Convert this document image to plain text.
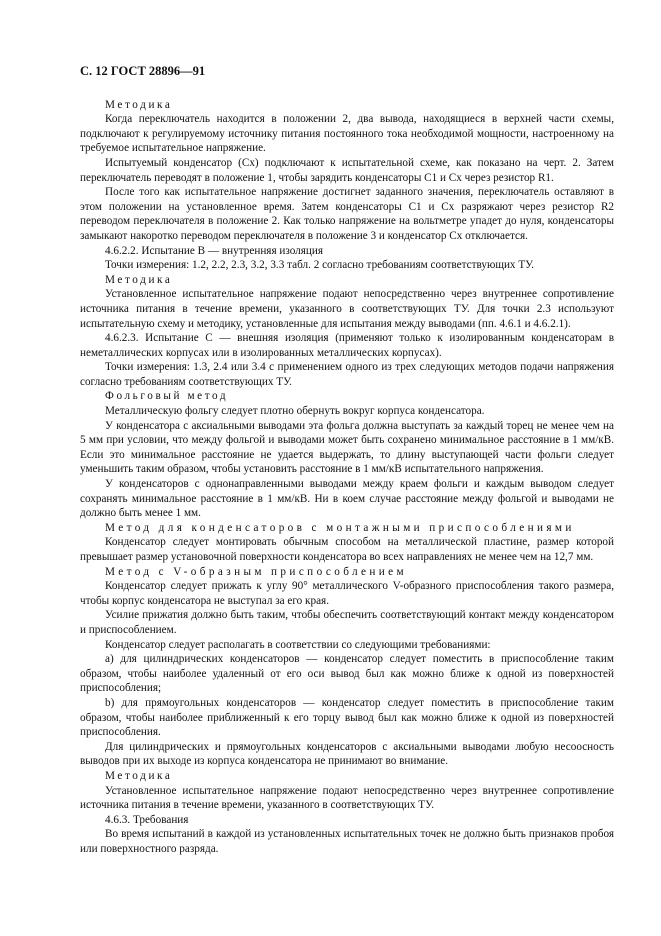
С. 12 ГОСТ 28896—91

Методика

Когда переключатель находится в положении 2, два вывода, находящиеся в верхней части схемы, подключают к регулируемому источнику питания постоянного тока необходимой мощности, настроенному на требуемое испытательное напряжение.

Испытуемый конденсатор (Cx) подключают к испытательной схеме, как показано на черт. 2. Затем переключатель переводят в положение 1, чтобы зарядить конденсаторы C1 и Cx через резистор R1.

После того как испытательное напряжение достигнет заданного значения, переключатель оставляют в этом положении на установленное время. Затем конденсаторы C1 и Cx разряжают через резистор R2 переводом переключателя в положение 2. Как только напряжение на вольтметре упадет до нуля, конденсаторы замыкают накоротко переводом переключателя в положение 3 и конденсатор Cx отключается.

4.6.2.2. Испытание В — внутренняя изоляция

Точки измерения: 1.2, 2.2, 2.3, 3.2, 3.3 табл. 2 согласно требованиям соответствующих ТУ.

Методика

Установленное испытательное напряжение подают непосредственно через внутреннее сопротивление источника питания в течение времени, указанного в соответствующих ТУ. Для точки 2.3 используют испытательную схему и методику, установленные для испытания между выводами (пп. 4.6.1 и 4.6.2.1).

4.6.2.3. Испытание С — внешняя изоляция (применяют только к изолированным конденсаторам в неметаллических корпусах или в изолированных металлических корпусах).

Точки измерения: 1.3, 2.4 или 3.4 с применением одного из трех следующих методов подачи напряжения согласно требованиям соответствующих ТУ.

Фольговый метод

Металлическую фольгу следует плотно обернуть вокруг корпуса конденсатора.

У конденсатора с аксиальными выводами эта фольга должна выступать за каждый торец не менее чем на 5 мм при условии, что между фольгой и выводами может быть сохранено минимальное расстояние в 1 мм/кВ. Если это минимальное расстояние не удается выдержать, то длину выступающей части фольги следует уменьшить таким образом, чтобы установить расстояние в 1 мм/кВ испытательного напряжения.

У конденсаторов с однонаправленными выводами между краем фольги и каждым выводом следует сохранять минимальное расстояние в 1 мм/кВ. Ни в коем случае расстояние между фольгой и выводами не должно быть менее 1 мм.

Метод для конденсаторов с монтажными приспособлениями

Конденсатор следует монтировать обычным способом на металлической пластине, размер которой превышает размер установочной поверхности конденсатора во всех направлениях не менее чем на 12,7 мм.

Метод с V-образным приспособлением

Конденсатор следует прижать к углу 90° металлического V-образного приспособления такого размера, чтобы корпус конденсатора не выступал за его края.

Усилие прижатия должно быть таким, чтобы обеспечить соответствующий контакт между конденсатором и приспособлением.

Конденсатор следует располагать в соответствии со следующими требованиями:

а) для цилиндрических конденсаторов — конденсатор следует поместить в приспособление таким образом, чтобы наиболее удаленный от его оси вывод был как можно ближе к одной из поверхностей приспособления;

b) для прямоугольных конденсаторов — конденсатор следует поместить в приспособление таким образом, чтобы наиболее приближенный к его торцу вывод был как можно ближе к одной из поверхностей приспособления.

Для цилиндрических и прямоугольных конденсаторов с аксиальными выводами любую несоосность выводов при их выходе из корпуса конденсатора не принимают во внимание.

Методика

Установленное испытательное напряжение подают непосредственно через внутреннее сопротивление источника питания в течение времени, указанного в соответствующих ТУ.

4.6.3. Требования

Во время испытаний в каждой из установленных испытательных точек не должно быть признаков пробоя или поверхностного разряда.
